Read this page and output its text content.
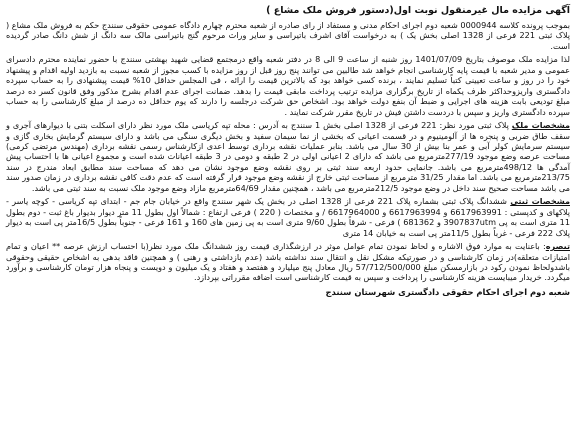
آگهی مزایده مال غیرمنقول نوبت اول(دستور فروش ملک مشاع )

بموجب پرونده کلاسه 0000944 شعبه دوم اجرای احکام مدنی و مستفاد از رای صادره از شعبه محترم چهارم دادگاه عمومی حقوقی سنندج حکم به فروش ملک مشاع ( پلاک ثبتی 221 فرعی از 1328 اصلی بخش یک ) به درخواست آقای اشرف باتیراسی و سایر وراث مرحوم گنج باتیراسی مالک سه دانگ از شش دانگ صادر گردیده است.

لذا مزایده ملک موصوف بتاریخ 1401/07/09 روز شنبه از ساعت 9 الی 8 در دفتر شعبه واقع درمجتمع قضایی شهید بهشتی سنندج با حضور نماینده محترم دادسرای عمومی و مدیر شعبه با قیمت پایه کارشناسی انجام خواهد شد طالبین می توانند پنج روز قبل از روز مزایده با کسب مجوز از شعبه نسبت به بازدید اولیه اقدام و پیشنهاد خود را در روز و ساعت تعیینی کتباً تسلیم نمایند ، برنده کسی خواهد بود که بالاترین قیمت را ارائه ، فی المجلس حداقل 10% قیمت پیشنهادی را به حساب سپرده دادگستری واریزوحداکثر ظرف یکماه از تاریخ برگزاری مزایده ترتیب پرداخت مابقی قیمت را بدهد. ضمانت اجرای عدم اقدام بشرح مذکور وفق قانون کسر ده درصد مبلغ تودیعی بابت هزینه های اجرایی و ضبط آن بنفع دولت خواهد بود. اشخاص حق شرکت درجلسه را دارند که یوم حداقل ده درصد از مبلغ کارشناسی را به حساب سپرده دادگستری واریز و سپس با دردست داشتن فیش در تاریخ مقرر شرکت نمایند .

مشخصات ملک پلاک ثبتی مورد نظر: 221 فرعی از 1328 اصلی بخش 1 سنندج به آدرس : محله تپه کریاسی ملک مورد نظر دارای اسکلت بتنی با دیوارهای آجری و سقف طاق ضربی و پنجره ها از آلومینیوم و در قسمت اعیانی که بخشی از نما سیمان سفید و بخش دیگری سنگی می باشد و دارای سیستم گرمایش بخاری گازی و سیستم سرمایش کولر آبی و عمر بنا بیش از 30 سال می باشد. بنابر عملیات نقشه برداری توسط اعدی ازکارشناس رسمی نقشه برداری (مهندس مرتضی کرمی) مساحت عرصه وضع موجود 277/19مترمربع می باشد که دارای 2 اعیانی اولی در 2 طبقه و دومی در 3 طبقه اعیانات شده است و مجموع اعیانی ها با احتساب پیش آمدگی ها 498/12مترمربع می باشد. جانمایی حدود اربعه سند ثبتی بر روی نقشه وضع موجود نشان می دهد که مساحت سند مطابق ابعاد مندرج در سند 213/75مترمربع می باشد. اما مقدار 31/25 مترمربع از مساحت ثبتی خارج از نقشه وضع موجود قرار گرفته است که عدم دقت کافی نقشه برداری در زمان صدور سند می باشد مساحت صحیح سند داخل در وضع موجود 212/5مترمربع می باشد ، همچنین مقدار 64/69مترمربع مازاد وضع موجود ملک نسبت به سند ثبتی می باشد.

مشخصات ثبتی ششدانگ پلاک ثبتی بشماره پلاک 221 فرعی از 1328 اصلی در بخش یک شهر سنندج واقع در خیابان جام جم - ابتدای تپه کریاسی - کوچه یاسر - پلاکهای و کدپستی : 6617963991 و 6617963994 و 6617964000 / و مختصات ( 220 ) فرعی ارتفاع : شمالاً اول بطول 11 متر دیوار بدیوار باغ ثبت - دوم بطول 11 متری است به پی 3907837utm و 681362 ) فرعی - شرقاً بطول 9/60 متری است به پی زمین های 160 و 161 فرعی - جنوباً بطول 16/5متر پی است به دیوار پلاک 222 فرعی - غرباً بطول 11/5متر پی است به خیابان 14 متری

تبصره: باعنایت به موارد فوق الاشاره و لحاظ نمودن تمام عوامل موثر در ارزشگذاری قیمت روز ششدانگ ملک مورد نظر(با احتساب ارزش عرصه ** اعیان و تمام امتیازات متعلقه)در زمان کارشناسی و در صورتیکه مشکل نقل و انتقال سند نداشته باشد (عدم بازداشتی و رهنی ) و همچنین فاقد بدهی به اشخاص حقیقی وحقوقی باشدولحاظ نمودن رکود در بازارمسکن مبلغ 57/712/500/000 ریال معادل پنج میلیارد و هفتصد و هفتاد و یک میلیون و دویست و پنجاه هزار تومان کارشناسی و برآورد میگردد. خریدار میبایست هزینه کارشناسی را پرداخت و سپس به قیمت کارشناسی است اضافه مقرراتی بپردازد.

شعبه دوم اجرای احکام حقوقی دادگستری شهرستان سنندج
